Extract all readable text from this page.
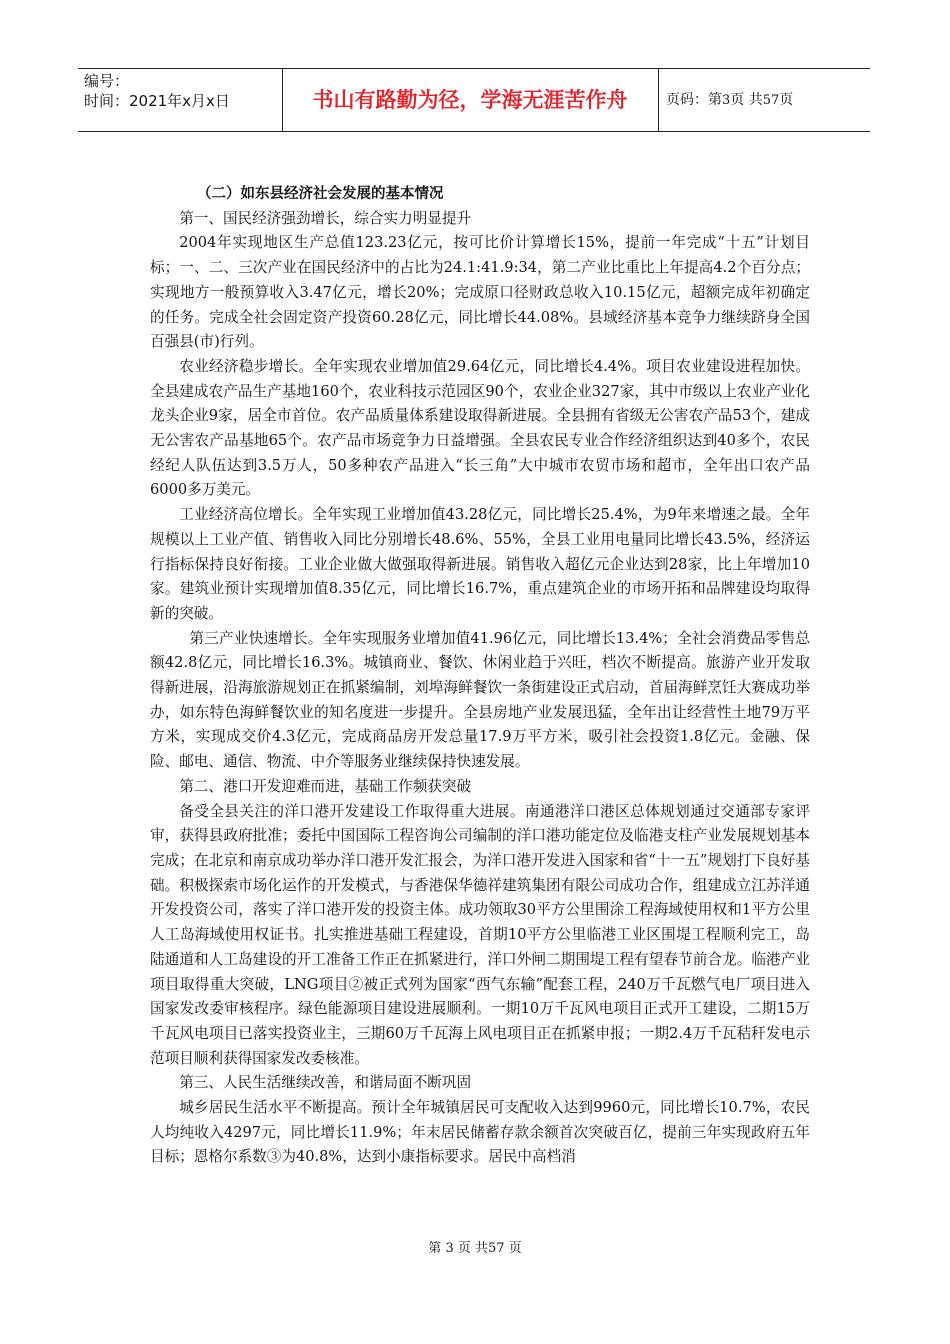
编号：
时间：2021年x月x日	书山有路勤为径，学海无涯苦作舟	页码：第3页 共57页

（二）如东县经济社会发展的基本情况

第一、国民经济强劲增长，综合实力明显提升

2004年实现地区生产总值123.23亿元，按可比价计算增长15%，提前一年完成“十五”计划目标；一、二、三次产业在国民经济中的占比为24.1:41.9:34，第二产业比重比上年提高4.2个百分点；实现地方一般预算收入3.47亿元，增长20%；完成原口径财政总收入10.15亿元，超额完成年初确定的任务。完成全社会固定资产投资60.28亿元，同比增长44.08%。县域经济基本竞争力继续跻身全国百强县(市)行列。

农业经济稳步增长。全年实现农业增加值29.64亿元，同比增长4.4%。项目农业建设进程加快。全县建成农产品生产基地160个，农业科技示范园区90个，农业企业327家，其中市级以上农业产业化龙头企业9家，居全市首位。农产品质量体系建设取得新进展。全县拥有省级无公害农产品53个，建成无公害农产品基地65个。农产品市场竞争力日益增强。全县农民专业合作经济组织达到40多个，农民经纪人队伍达到3.5万人，50多种农产品进入“长三角”大中城市农贸市场和超市，全年出口农产品6000多万美元。

工业经济高位增长。全年实现工业增加值43.28亿元，同比增长25.4%，为9年来增速之最。全年规模以上工业产值、销售收入同比分别增长48.6%、55%，全县工业用电量同比增长43.5%，经济运行指标保持良好衔接。工业企业做大做强取得新进展。销售收入超亿元企业达到28家，比上年增加10家。建筑业预计实现增加值8.35亿元，同比增长16.7%，重点建筑企业的市场开拓和品牌建设均取得新的突破。

第三产业快速增长。全年实现服务业增加值41.96亿元，同比增长13.4%；全社会消费品零售总额42.8亿元，同比增长16.3%。城镇商业、餐饮、休闲业趋于兴旺，档次不断提高。旅游产业开发取得新进展，沿海旅游规划正在抓紧编制，刘埠海鲜餐饮一条街建设正式启动，首届海鲜烹饪大赛成功举办，如东特色海鲜餐饮业的知名度进一步提升。全县房地产业发展迅猛，全年出让经营性土地79万平方米，实现成交价4.3亿元，完成商品房开发总量17.9万平方米，吸引社会投资1.8亿元。金融、保险、邮电、通信、物流、中介等服务业继续保持快速发展。

第二、港口开发迎难而进，基础工作频获突破

备受全县关注的洋口港开发建设工作取得重大进展。南通港洋口港区总体规划通过交通部专家评审，获得县政府批准；委托中国国际工程咨询公司编制的洋口港功能定位及临港支柱产业发展规划基本完成；在北京和南京成功举办洋口港开发汇报会，为洋口港开发进入国家和省“十一五”规划打下良好基础。积极探索市场化运作的开发模式，与香港保华德祥建筑集团有限公司成功合作，组建成立江苏洋通开发投资公司，落实了洋口港开发的投资主体。成功领取30平方公里围涂工程海域使用权和1平方公里人工岛海域使用权证书。扎实推进基础工程建设，首期10平方公里临港工业区围堤工程顺利完工，岛陆通道和人工岛建设的开工准备工作正在抓紧进行，洋口外闸二期围堤工程有望春节前合龙。临港产业项目取得重大突破，LNG项目②被正式列为国家“西气东输”配套工程，240万千瓦燃气电厂项目进入国家发改委审核程序。绿色能源项目建设进展顺利。一期10万千瓦风电项目正式开工建设，二期15万千瓦风电项目已落实投资业主，三期60万千瓦海上风电项目正在抓紧申报；一期2.4万千瓦秸秆发电示范项目顺利获得国家发改委核准。

第三、人民生活继续改善，和谐局面不断巩固

城乡居民生活水平不断提高。预计全年城镇居民可支配收入达到9960元，同比增长10.7%，农民人均纯收入4297元，同比增长11.9%；年末居民储蓄存款余额首次突破百亿，提前三年实现政府五年目标；恩格尔系数③为40.8%，达到小康指标要求。居民中高档消

第 3 页 共57 页
